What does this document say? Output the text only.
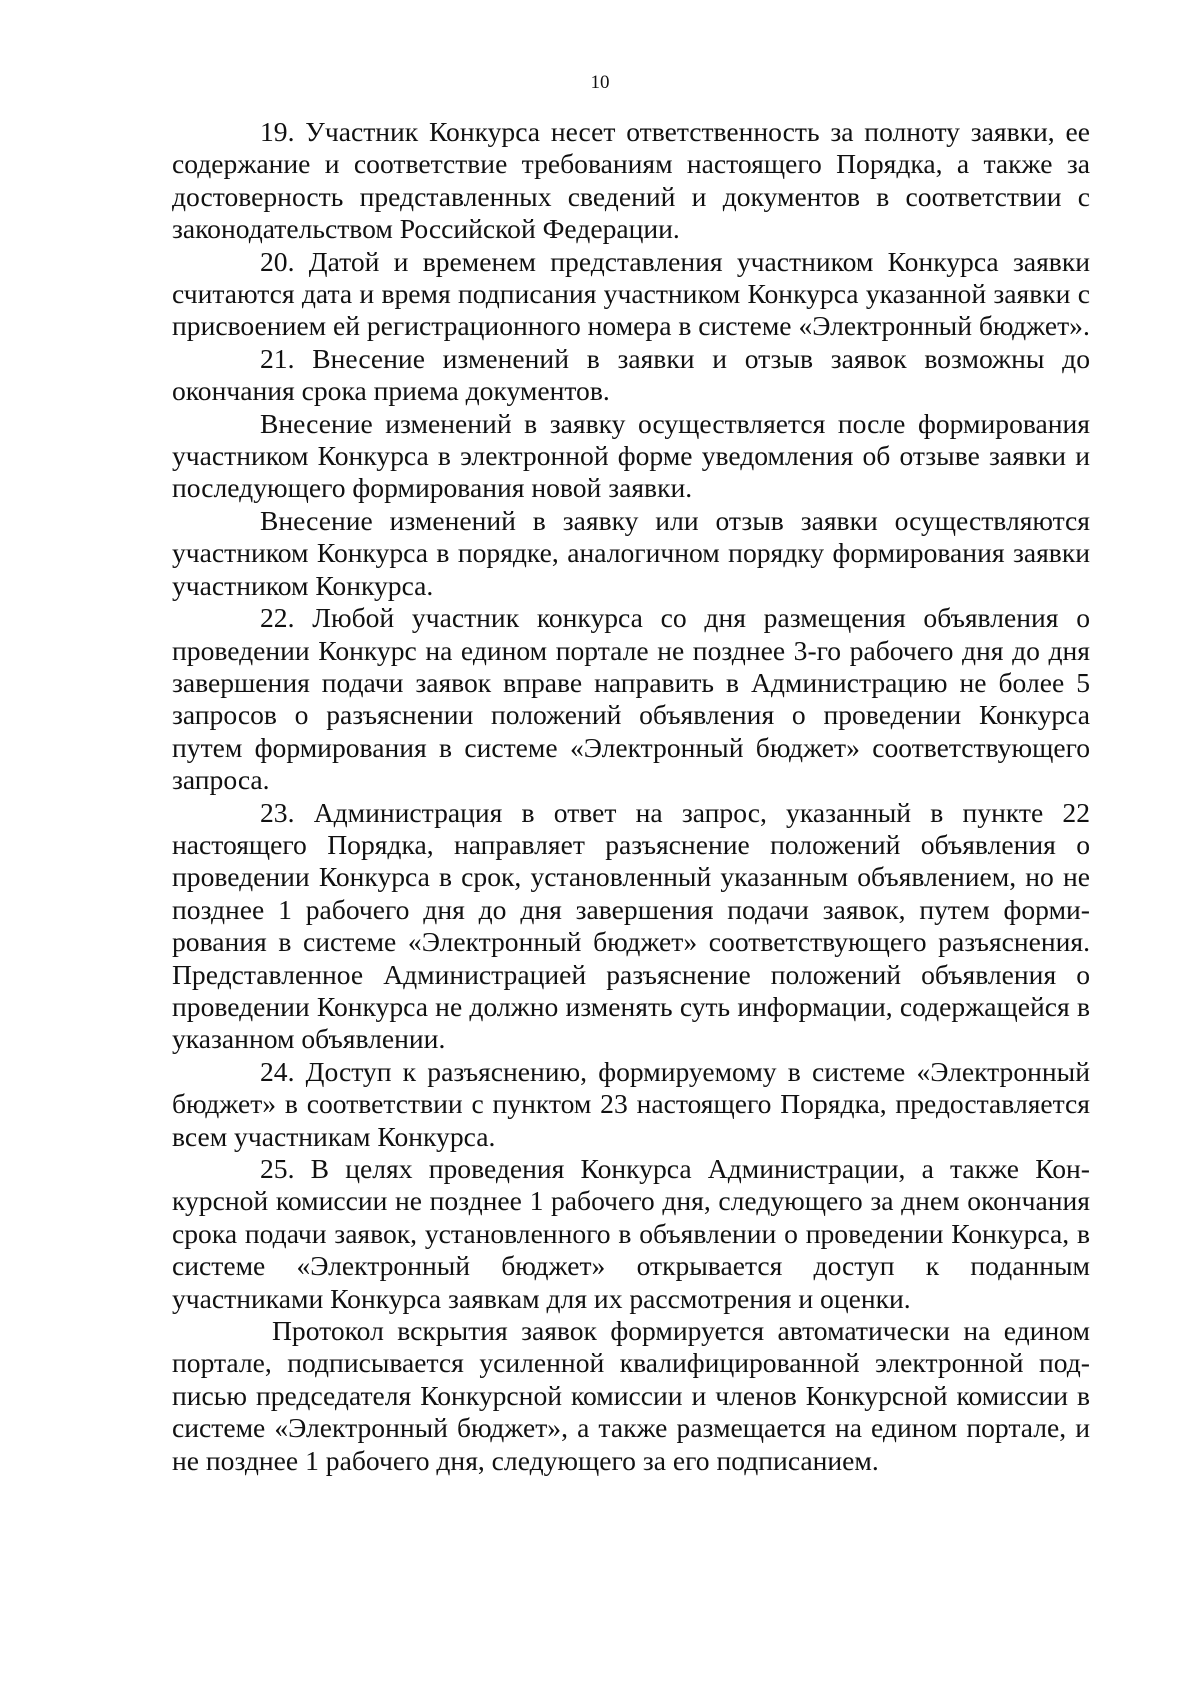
10

19. Участник Конкурса несет ответственность за полноту заявки, ее содержание и соответствие требованиям настоящего Порядка, а также за достоверность представленных сведений и документов в соответствии с законодательством Российской Федерации.

20. Датой и временем представления участником Конкурса заявки считаются дата и время подписания участником Конкурса указанной заявки с присвоением ей регистрационного номера в системе «Электронный бюджет».

21. Внесение изменений в заявки и отзыв заявок возможны до окончания срока приема документов.

Внесение изменений в заявку осуществляется после формирования участником Конкурса в электронной форме уведомления об отзыве заявки и последующего формирования новой заявки.

Внесение изменений в заявку или отзыв заявки осуществляются участником Конкурса в порядке, аналогичном порядку формирования заявки участником Конкурса.

22. Любой участник конкурса со дня размещения объявления о проведении Конкурс на едином портале не позднее 3-го рабочего дня до дня завершения подачи заявок вправе направить в Администрацию не более 5 запросов о разъяснении положений объявления о проведении Конкурса путем формирования в системе «Электронный бюджет» соответствующего запроса.

23. Администрация в ответ на запрос, указанный в пункте 22 настоящего Порядка, направляет разъяснение положений объявления о проведении Конкурса в срок, установленный указанным объявлением, но не позднее 1 рабочего дня до дня завершения подачи заявок, путем формирования в системе «Электронный бюджет» соответствующего разъяснения. Представленное Администрацией разъяснение положений объявления о проведении Конкурса не должно изменять суть информации, содержащейся в указанном объявлении.

24. Доступ к разъяснению, формируемому в системе «Электронный бюджет» в соответствии с пунктом 23 настоящего Порядка, предоставляется всем участникам Конкурса.

25. В целях проведения Конкурса Администрации, а также Конкурсной комиссии не позднее 1 рабочего дня, следующего за днем окончания срока подачи заявок, установленного в объявлении о проведении Конкурса, в системе «Электронный бюджет» открывается доступ к поданным участниками Конкурса заявкам для их рассмотрения и оценки.

Протокол вскрытия заявок формируется автоматически на едином портале, подписывается усиленной квалифицированной электронной подписью председателя Конкурсной комиссии и членов Конкурсной комиссии в системе «Электронный бюджет», а также размещается на едином портале, и не позднее 1 рабочего дня, следующего за его подписанием.
